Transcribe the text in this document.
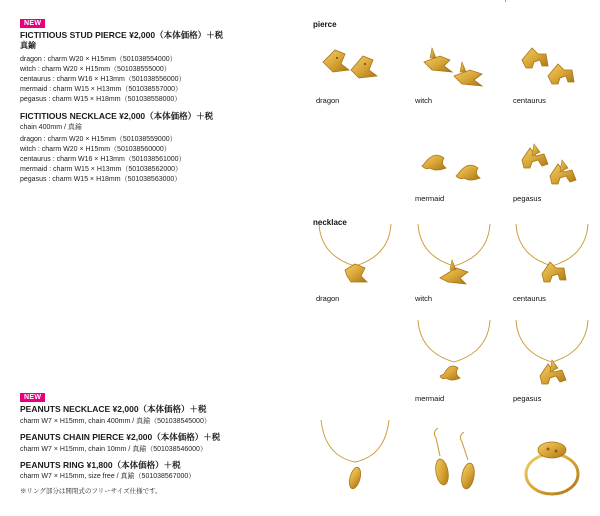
NEW
FICTITIOUS STUD PIERCE ¥2,000（本体価格）＋税
真鍮
dragon : charm W20 × H15mm（501038554000）
witch : charm W20 × H15mm（501038555000）
centaurus : charm W16 × H13mm（501038556000）
mermaid : charm W15 × H13mm（501038557000）
pegasus : charm W15 × H18mm（501038558000）
FICTITIOUS NECKLACE ¥2,000（本体価格）＋税
chain 400mm / 真鍮
dragon : charm W20 × H15mm（501038559000）
witch : charm W20 × H15mm（501038560000）
centaurus : charm W16 × H13mm（501038561000）
mermaid : charm W15 × H13mm（501038562000）
pegasus : charm W15 × H18mm（501038563000）
NEW
PEANUTS NECKLACE ¥2,000（本体価格）＋税
charm W7 × H15mm, chain 400mm / 真鍮（501038545000）
PEANUTS CHAIN PIERCE ¥2,000（本体価格）＋税
charm W7 × H15mm, chain 10mm / 真鍮（501038546000）
PEANUTS RING ¥1,800（本体価格）＋税
charm W7 × H15mm, size free / 真鍮（501038567000）
※リング部分は開閉式のフリーサイズ仕様です。
pierce
dragon	witch	centaurus
mermaid	pegasus
necklace
dragon	witch	centaurus
mermaid	pegasus
